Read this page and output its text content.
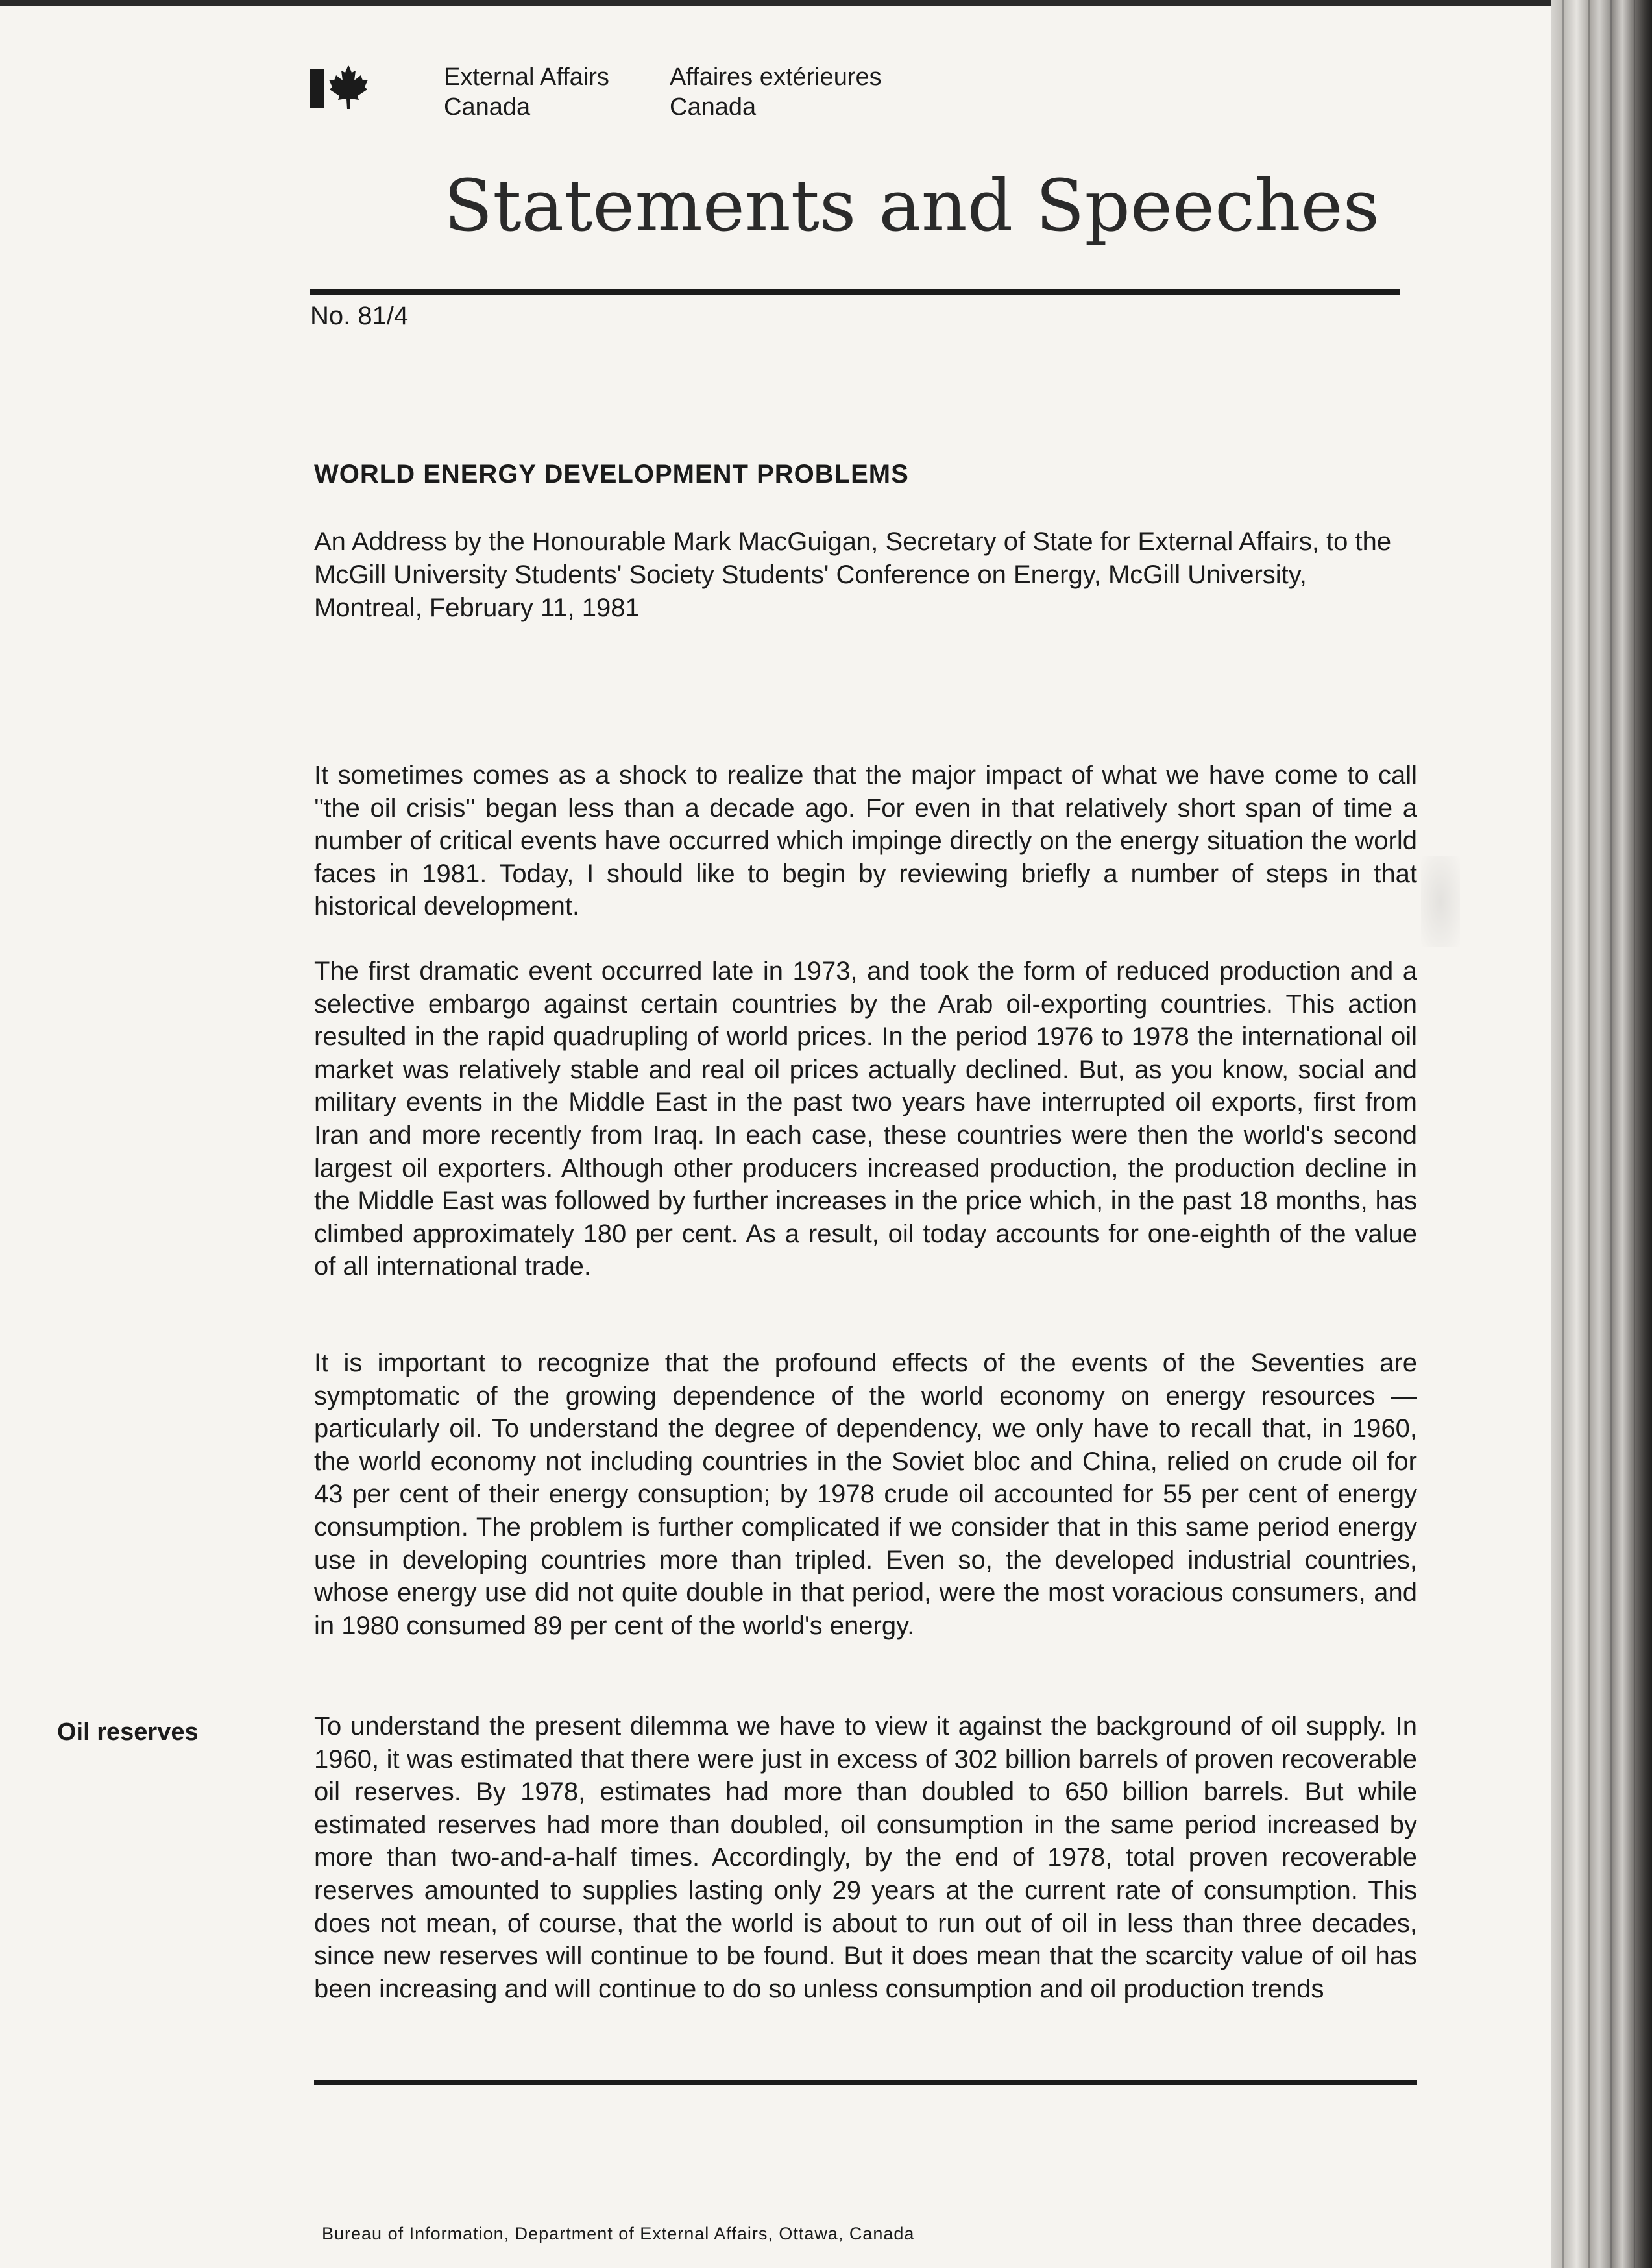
External Affairs
Canada
Affaires extérieures
Canada
Statements and Speeches
No. 81/4
WORLD ENERGY DEVELOPMENT PROBLEMS
An Address by the Honourable Mark MacGuigan, Secretary of State for External Affairs, to the McGill University Students' Society Students' Conference on Energy, McGill University, Montreal, February 11, 1981
It sometimes comes as a shock to realize that the major impact of what we have come to call ''the oil crisis'' began less than a decade ago. For even in that relatively short span of time a number of critical events have occurred which impinge directly on the energy situation the world faces in 1981. Today, I should like to begin by reviewing briefly a number of steps in that historical development.
The first dramatic event occurred late in 1973, and took the form of reduced production and a selective embargo against certain countries by the Arab oil-exporting countries. This action resulted in the rapid quadrupling of world prices. In the period 1976 to 1978 the international oil market was relatively stable and real oil prices actually declined. But, as you know, social and military events in the Middle East in the past two years have interrupted oil exports, first from Iran and more recently from Iraq. In each case, these countries were then the world's second largest oil exporters. Although other producers increased production, the production decline in the Middle East was followed by further increases in the price which, in the past 18 months, has climbed approximately 180 per cent. As a result, oil today accounts for one-eighth of the value of all international trade.
It is important to recognize that the profound effects of the events of the Seventies are symptomatic of the growing dependence of the world economy on energy resources — particularly oil. To understand the degree of dependency, we only have to recall that, in 1960, the world economy not including countries in the Soviet bloc and China, relied on crude oil for 43 per cent of their energy consuption; by 1978 crude oil accounted for 55 per cent of energy consumption. The problem is further complicated if we consider that in this same period energy use in developing countries more than tripled. Even so, the developed industrial countries, whose energy use did not quite double in that period, were the most voracious consumers, and in 1980 consumed 89 per cent of the world's energy.
Oil reserves	To understand the present dilemma we have to view it against the background of oil supply. In 1960, it was estimated that there were just in excess of 302 billion barrels of proven recoverable oil reserves. By 1978, estimates had more than doubled to 650 billion barrels. But while estimated reserves had more than doubled, oil consumption in the same period increased by more than two-and-a-half times. Accordingly, by the end of 1978, total proven recoverable reserves amounted to supplies lasting only 29 years at the current rate of consumption. This does not mean, of course, that the world is about to run out of oil in less than three decades, since new reserves will continue to be found. But it does mean that the scarcity value of oil has been increasing and will continue to do so unless consumption and oil production trends
Bureau of Information, Department of External Affairs, Ottawa, Canada
